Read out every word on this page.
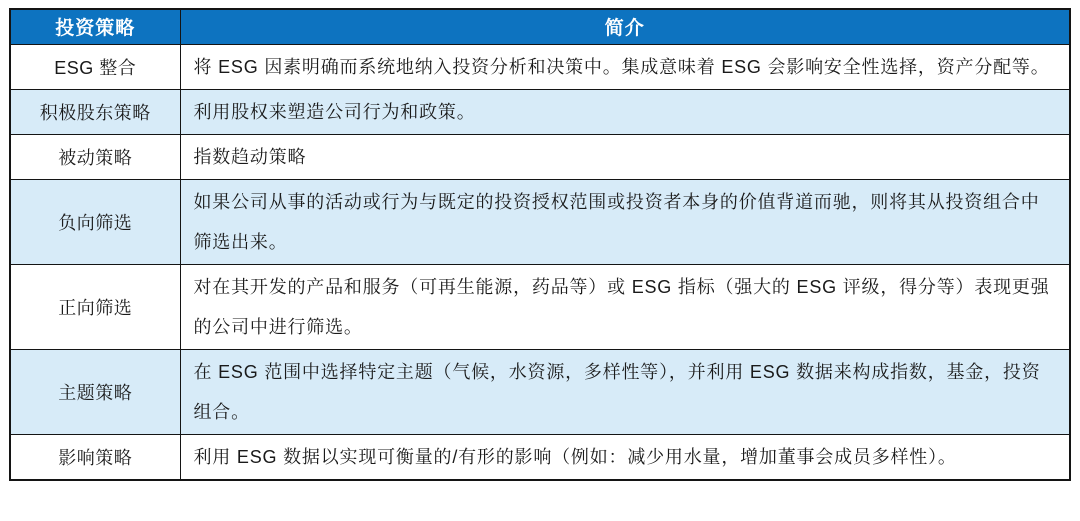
投资策略	简介
ESG 整合	将 ESG 因素明确而系统地纳入投资分析和决策中。集成意味着 ESG 会影响安全性选择，资产分配等。
积极股东策略	利用股权来塑造公司行为和政策。
被动策略	指数趋动策略
负向筛选	如果公司从事的活动或行为与既定的投资授权范围或投资者本身的价值背道而驰，则将其从投资组合中筛选出来。
正向筛选	对在其开发的产品和服务（可再生能源，药品等）或 ESG 指标（强大的 ESG 评级，得分等）表现更强的公司中进行筛选。
主题策略	在 ESG 范围中选择特定主题（气候，水资源，多样性等），并利用 ESG 数据来构成指数，基金，投资组合。
影响策略	利用 ESG 数据以实现可衡量的/有形的影响（例如：减少用水量，增加董事会成员多样性）。
